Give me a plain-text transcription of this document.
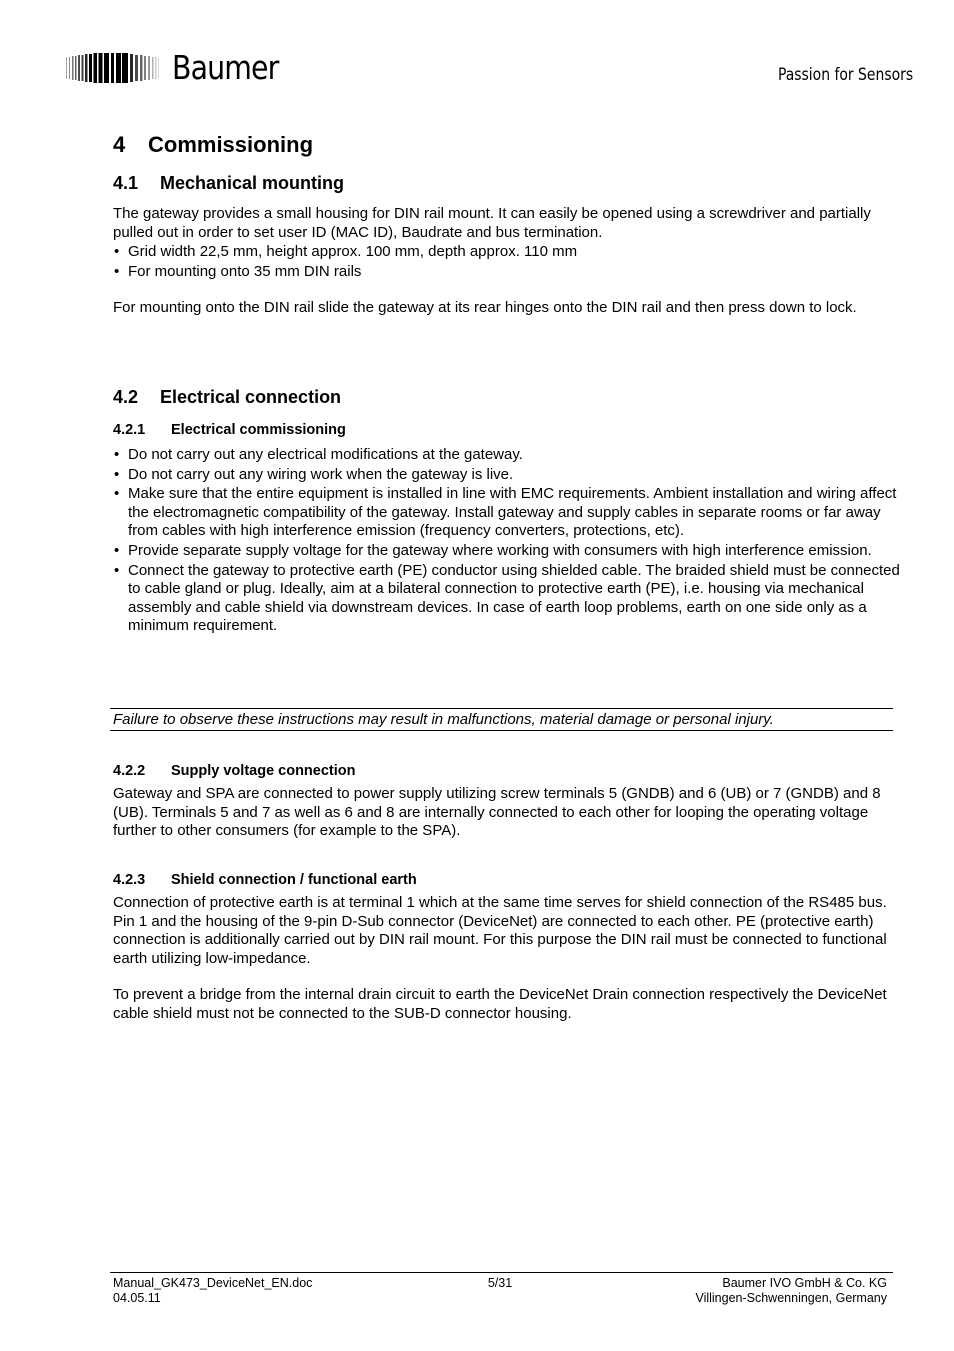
Baumer	Passion for Sensors
4 Commissioning
4.1 Mechanical mounting

The gateway provides a small housing for DIN rail mount. It can easily be opened using a screwdriver and partially pulled out in order to set user ID (MAC ID), Baudrate and bus termination.

• Grid width 22,5 mm, height approx. 100 mm, depth approx. 110 mm
• For mounting onto 35 mm DIN rails

For mounting onto the DIN rail slide the gateway at its rear hinges onto the DIN rail and then press down to lock.

4.2 Electrical connection
4.2.1 Electrical commissioning
• Do not carry out any electrical modifications at the gateway.
• Do not carry out any wiring work when the gateway is live.
• Make sure that the entire equipment is installed in line with EMC requirements. Ambient installation and wiring affect the electromagnetic compatibility of the gateway. Install gateway and supply cables in separate rooms or far away from cables with high interference emission (frequency converters, protections, etc).
• Provide separate supply voltage for the gateway where working with consumers with high interference emission.
• Connect the gateway to protective earth (PE) conductor using shielded cable. The braided shield must be connected to cable gland or plug. Ideally, aim at a bilateral connection to protective earth (PE), i.e. housing via mechanical assembly and cable shield via downstream devices. In case of earth loop problems, earth on one side only as a minimum requirement.
Failure to observe these instructions may result in malfunctions, material damage or personal injury.
4.2.2 Supply voltage connection

Gateway and SPA are connected to power supply utilizing screw terminals 5 (GNDB) and 6 (UB) or 7 (GNDB) and 8 (UB). Terminals 5 and 7 as well as 6 and 8 are internally connected to each other for looping the operating voltage further to other consumers (for example to the SPA).

4.2.3 Shield connection / functional earth

Connection of protective earth is at terminal 1 which at the same time serves for shield connection of the RS485 bus. Pin 1 and the housing of the 9-pin D-Sub connector (DeviceNet) are connected to each other. PE (protective earth) connection is additionally carried out by DIN rail mount. For this purpose the DIN rail must be connected to functional earth utilizing low-impedance.

To prevent a bridge from the internal drain circuit to earth the DeviceNet Drain connection respectively the DeviceNet cable shield must not be connected to the SUB-D connector housing.

Manual_GK473_DeviceNet_EN.doc
04.05.11
5/31	Baumer IVO GmbH & Co. KG
Villingen-Schwenningen, Germany
